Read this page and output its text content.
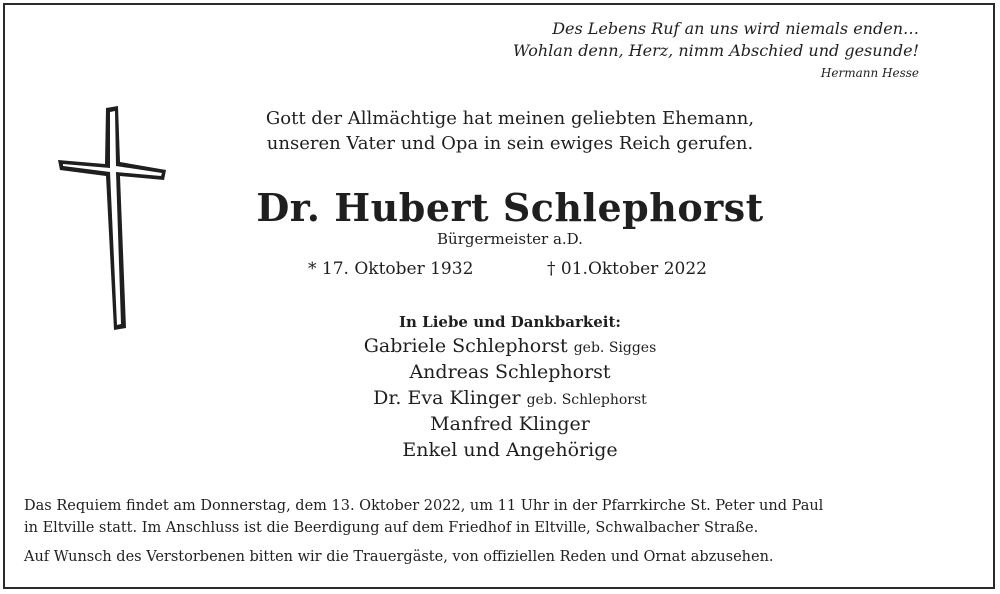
Des Lebens Ruf an uns wird niemals enden…
Wohlan denn, Herz, nimm Abschied und gesunde!
Hermann Hesse
Gott der Allmächtige hat meinen geliebten Ehemann,
unseren Vater und Opa in sein ewiges Reich gerufen.
Dr. Hubert Schlephorst
Bürgermeister a.D.
* 17. Oktober 1932	† 01.Oktober 2022
In Liebe und Dankbarkeit:
Gabriele Schlephorst geb. Sigges
Andreas Schlephorst
Dr. Eva Klinger geb. Schlephorst
Manfred Klinger
Enkel und Angehörige
Das Requiem findet am Donnerstag, dem 13. Oktober 2022, um 11 Uhr in der Pfarrkirche St. Peter und Paul
in Eltville statt. Im Anschluss ist die Beerdigung auf dem Friedhof in Eltville, Schwalbacher Straße.
Auf Wunsch des Verstorbenen bitten wir die Trauergäste, von offiziellen Reden und Ornat abzusehen.
